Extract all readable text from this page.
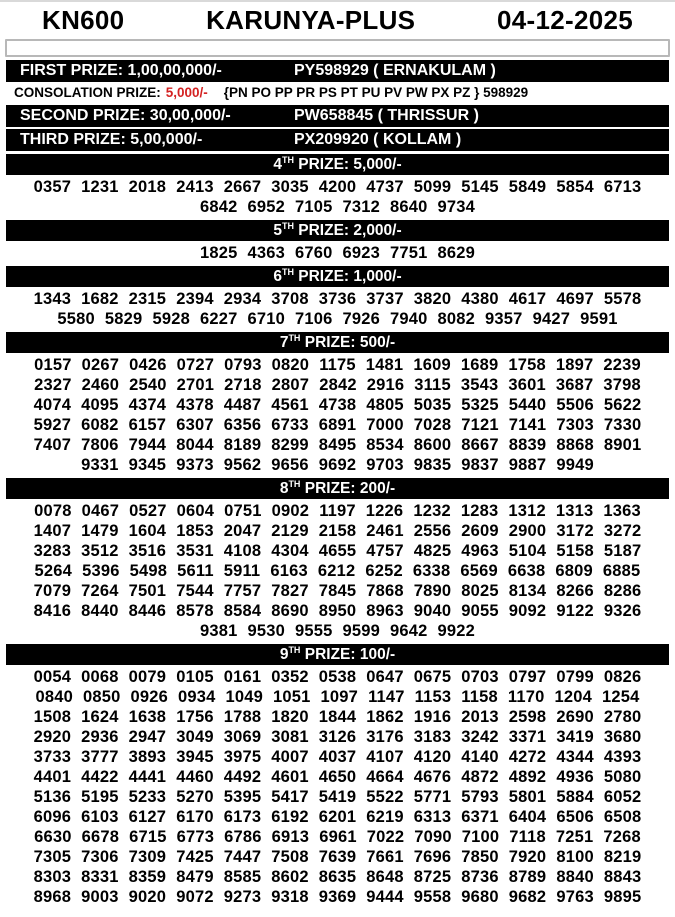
KN600	KARUNYA-PLUS	04-12-2025
FIRST PRIZE: 1,00,00,000/-	PY598929 ( ERNAKULAM )
CONSOLATION PRIZE: 5,000/- {PN PO PP PR PS PT PU PV PW PX PZ } 598929
SECOND PRIZE: 30,00,000/-	PW658845 ( THRISSUR )
THIRD PRIZE: 5,00,000/-	PX209920 ( KOLLAM )
4TH PRIZE: 5,000/-
0357 1231 2018 2413 2667 3035 4200 4737 5099 5145 5849 5854 6713
6842 6952 7105 7312 8640 9734
5TH PRIZE: 2,000/-
1825 4363 6760 6923 7751 8629
6TH PRIZE: 1,000/-
1343 1682 2315 2394 2934 3708 3736 3737 3820 4380 4617 4697 5578
5580 5829 5928 6227 6710 7106 7926 7940 8082 9357 9427 9591
7TH PRIZE: 500/-
0157 0267 0426 0727 0793 0820 1175 1481 1609 1689 1758 1897 2239
2327 2460 2540 2701 2718 2807 2842 2916 3115 3543 3601 3687 3798
4074 4095 4374 4378 4487 4561 4738 4805 5035 5325 5440 5506 5622
5927 6082 6157 6307 6356 6733 6891 7000 7028 7121 7141 7303 7330
7407 7806 7944 8044 8189 8299 8495 8534 8600 8667 8839 8868 8901
9331 9345 9373 9562 9656 9692 9703 9835 9837 9887 9949
8TH PRIZE: 200/-
0078 0467 0527 0604 0751 0902 1197 1226 1232 1283 1312 1313 1363
1407 1479 1604 1853 2047 2129 2158 2461 2556 2609 2900 3172 3272
3283 3512 3516 3531 4108 4304 4655 4757 4825 4963 5104 5158 5187
5264 5396 5498 5611 5911 6163 6212 6252 6338 6569 6638 6809 6885
7079 7264 7501 7544 7757 7827 7845 7868 7890 8025 8134 8266 8286
8416 8440 8446 8578 8584 8690 8950 8963 9040 9055 9092 9122 9326
9381 9530 9555 9599 9642 9922
9TH PRIZE: 100/-
0054 0068 0079 0105 0161 0352 0538 0647 0675 0703 0797 0799 0826
0840 0850 0926 0934 1049 1051 1097 1147 1153 1158 1170 1204 1254
1508 1624 1638 1756 1788 1820 1844 1862 1916 2013 2598 2690 2780
2920 2936 2947 3049 3069 3081 3126 3176 3183 3242 3371 3419 3680
3733 3777 3893 3945 3975 4007 4037 4107 4120 4140 4272 4344 4393
4401 4422 4441 4460 4492 4601 4650 4664 4676 4872 4892 4936 5080
5136 5195 5233 5270 5395 5417 5419 5522 5771 5793 5801 5884 6052
6096 6103 6127 6170 6173 6192 6201 6219 6313 6371 6404 6506 6508
6630 6678 6715 6773 6786 6913 6961 7022 7090 7100 7118 7251 7268
7305 7306 7309 7425 7447 7508 7639 7661 7696 7850 7920 8100 8219
8303 8331 8359 8479 8585 8602 8635 8648 8725 8736 8789 8840 8843
8968 9003 9020 9072 9273 9318 9369 9444 9558 9680 9682 9763 9895
